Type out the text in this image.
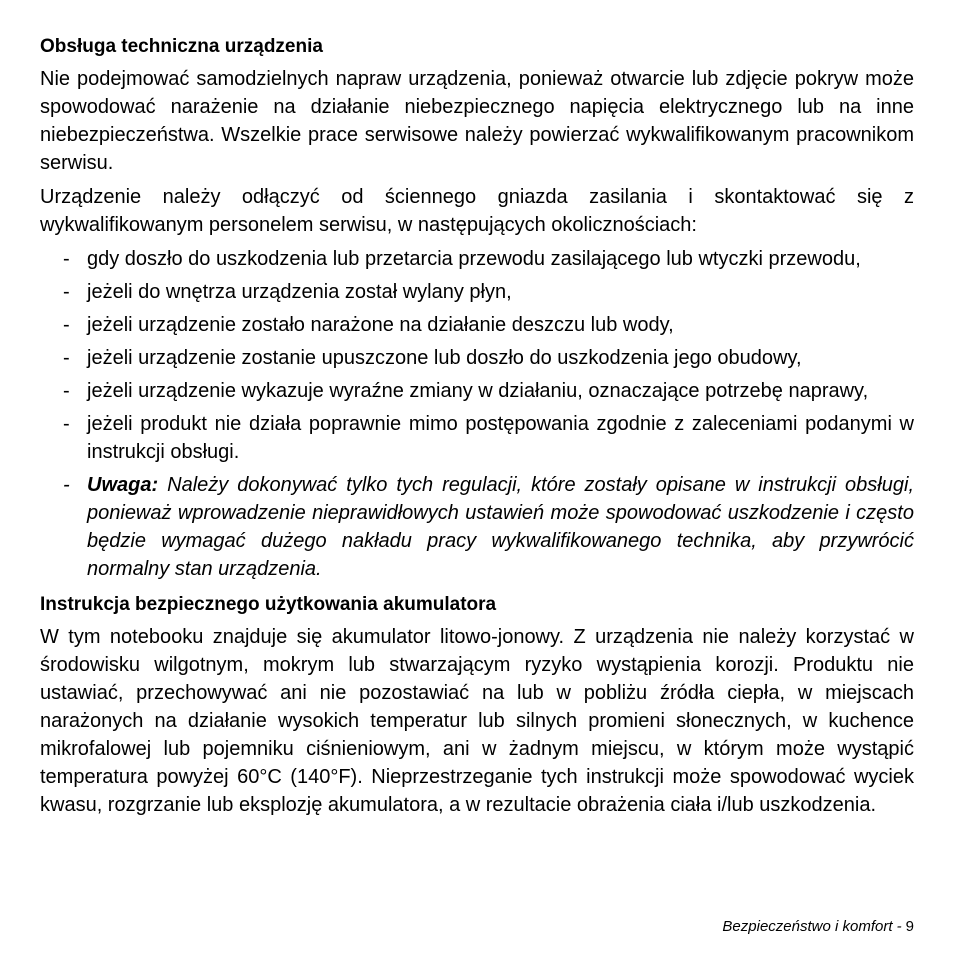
Obsługa techniczna urządzenia

Nie podejmować samodzielnych napraw urządzenia, ponieważ otwarcie lub zdjęcie pokryw może spowodować narażenie na działanie niebezpiecznego napięcia elektrycznego lub na inne niebezpieczeństwa. Wszelkie prace serwisowe należy powierzać wykwalifikowanym pracownikom serwisu.

Urządzenie należy odłączyć od ściennego gniazda zasilania i skontaktować się z wykwalifikowanym personelem serwisu, w następujących okolicznościach:

- gdy doszło do uszkodzenia lub przetarcia przewodu zasilającego lub wtyczki przewodu,
- jeżeli do wnętrza urządzenia został wylany płyn,
- jeżeli urządzenie zostało narażone na działanie deszczu lub wody,
- jeżeli urządzenie zostanie upuszczone lub doszło do uszkodzenia jego obudowy,
- jeżeli urządzenie wykazuje wyraźne zmiany w działaniu, oznaczające potrzebę naprawy,
- jeżeli produkt nie działa poprawnie mimo postępowania zgodnie z zaleceniami podanymi w instrukcji obsługi.
- Uwaga: Należy dokonywać tylko tych regulacji, które zostały opisane w instrukcji obsługi, ponieważ wprowadzenie nieprawidłowych ustawień może spowodować uszkodzenie i często będzie wymagać dużego nakładu pracy wykwalifikowanego technika, aby przywrócić normalny stan urządzenia.
Instrukcja bezpiecznego użytkowania akumulatora

W tym notebooku znajduje się akumulator litowo-jonowy. Z urządzenia nie należy korzystać w środowisku wilgotnym, mokrym lub stwarzającym ryzyko wystąpienia korozji. Produktu nie ustawiać, przechowywać ani nie pozostawiać na lub w pobliżu źródła ciepła, w miejscach narażonych na działanie wysokich temperatur lub silnych promieni słonecznych, w kuchence mikrofalowej lub pojemniku ciśnieniowym, ani w żadnym miejscu, w którym może wystąpić temperatura powyżej 60°C (140°F). Nieprzestrzeganie tych instrukcji może spowodować wyciek kwasu, rozgrzanie lub eksplozję akumulatora, a w rezultacie obrażenia ciała i/lub uszkodzenia.

Bezpieczeństwo i komfort - 9
